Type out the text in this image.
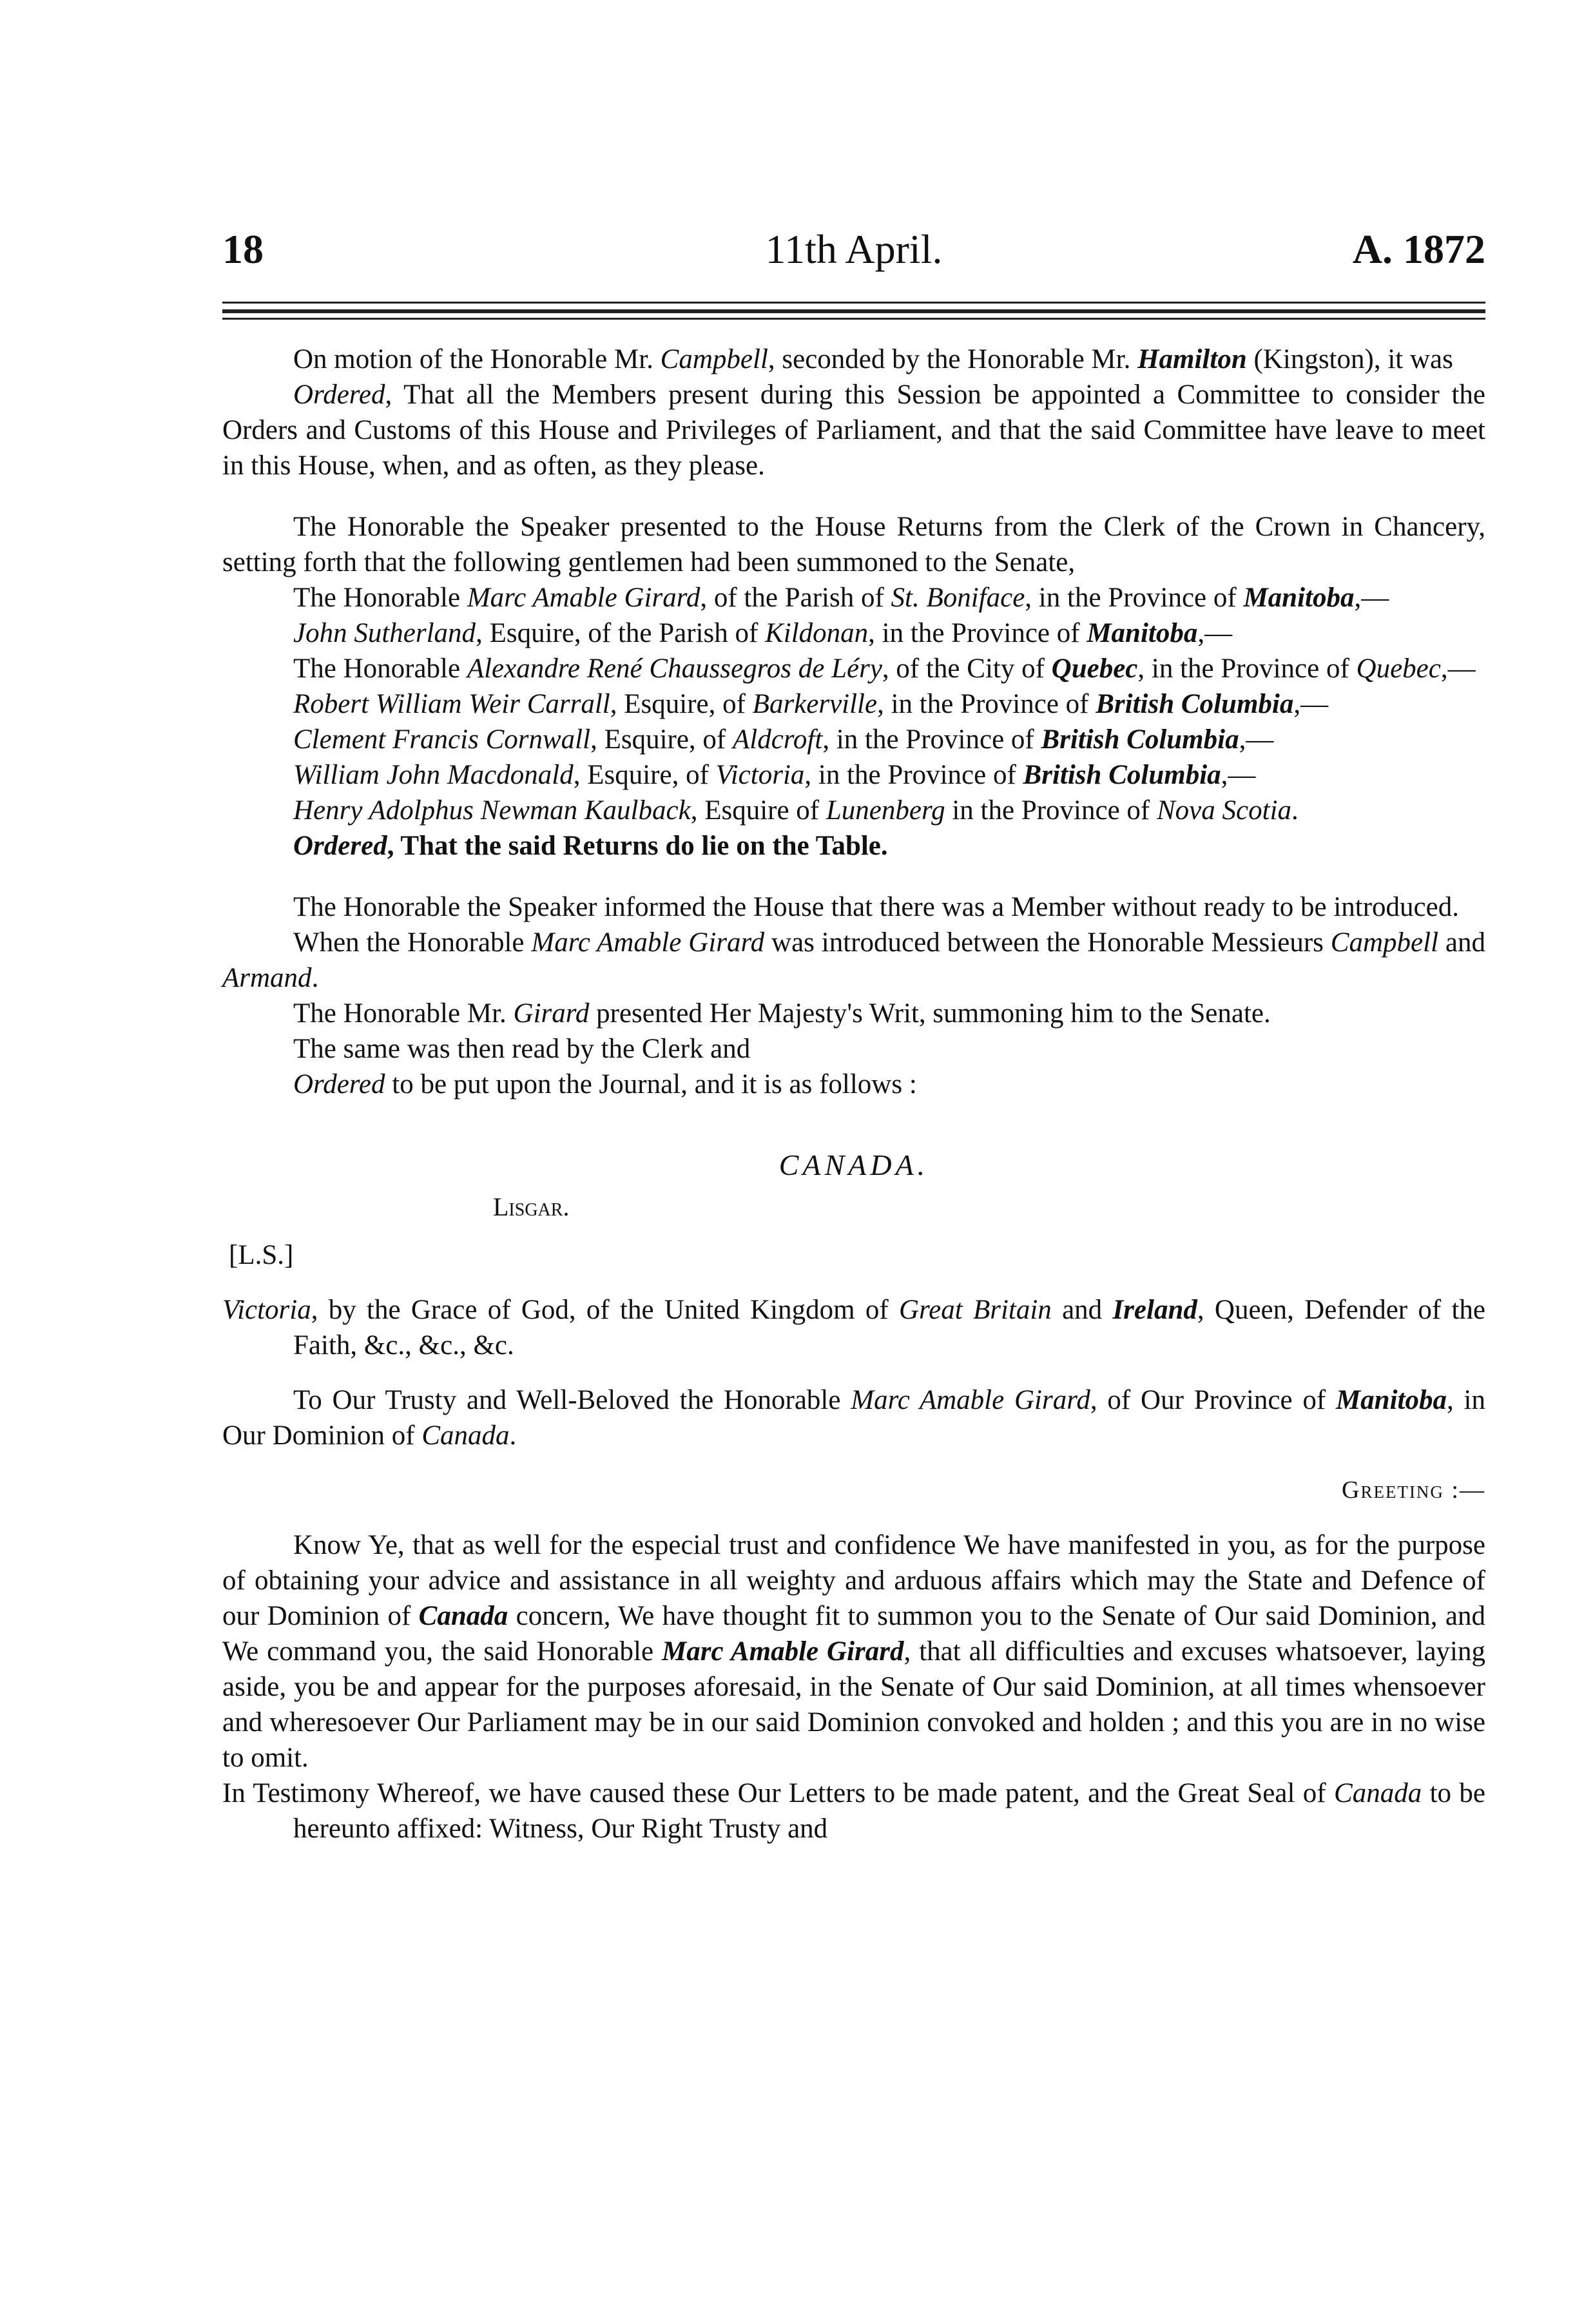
18	11th April.	A. 1872

On motion of the Honorable Mr. Campbell, seconded by the Honorable Mr. Hamilton (Kingston), it was

Ordered, That all the Members present during this Session be appointed a Committee to consider the Orders and Customs of this House and Privileges of Parliament, and that the said Committee have leave to meet in this House, when, and as often, as they please.

The Honorable the Speaker presented to the House Returns from the Clerk of the Crown in Chancery, setting forth that the following gentlemen had been summoned to the Senate,

The Honorable Marc Amable Girard, of the Parish of St. Boniface, in the Province of Manitoba,—

John Sutherland, Esquire, of the Parish of Kildonan, in the Province of Manitoba,—

The Honorable Alexandre René Chaussegros de Léry, of the City of Quebec, in the Province of Quebec,—

Robert William Weir Carrall, Esquire, of Barkerville, in the Province of British Columbia,—

Clement Francis Cornwall, Esquire, of Aldcroft, in the Province of British Columbia,—

William John Macdonald, Esquire, of Victoria, in the Province of British Columbia,—

Henry Adolphus Newman Kaulback, Esquire of Lunenberg in the Province of Nova Scotia.

Ordered, That the said Returns do lie on the Table.

The Honorable the Speaker informed the House that there was a Member without ready to be introduced.

When the Honorable Marc Amable Girard was introduced between the Honorable Messieurs Campbell and Armand.

The Honorable Mr. Girard presented Her Majesty's Writ, summoning him to the Senate.

The same was then read by the Clerk and

Ordered to be put upon the Journal, and it is as follows :

CANADA.

Lisgar.

[L.S.]

Victoria, by the Grace of God, of the United Kingdom of Great Britain and Ireland, Queen, Defender of the Faith, &c., &c., &c.

To Our Trusty and Well-Beloved the Honorable Marc Amable Girard, of Our Province of Manitoba, in Our Dominion of Canada.

Greeting :—

Know Ye, that as well for the especial trust and confidence We have manifested in you, as for the purpose of obtaining your advice and assistance in all weighty and arduous affairs which may the State and Defence of our Dominion of Canada concern, We have thought fit to summon you to the Senate of Our said Dominion, and We command you, the said Honorable Marc Amable Girard, that all difficulties and excuses whatsoever, laying aside, you be and appear for the purposes aforesaid, in the Senate of Our said Dominion, at all times whensoever and wheresoever Our Parliament may be in our said Dominion convoked and holden ; and this you are in no wise to omit.

In Testimony Whereof, we have caused these Our Letters to be made patent, and the Great Seal of Canada to be hereunto affixed: Witness, Our Right Trusty and
